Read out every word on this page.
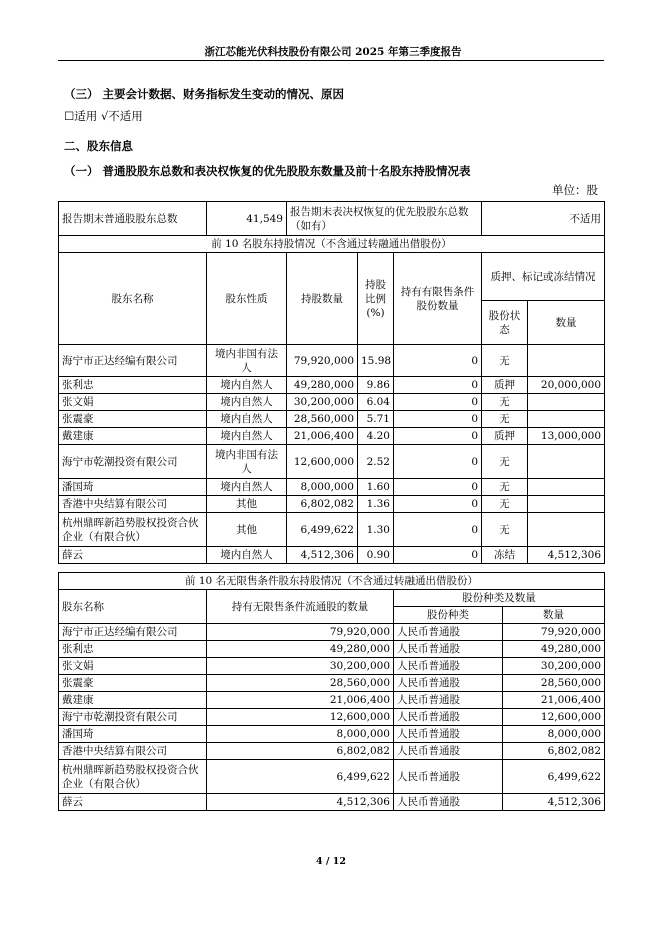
浙江芯能光伏科技股份有限公司 2025 年第三季度报告
（三） 主要会计数据、财务指标发生变动的情况、原因
☐适用 √不适用
二、股东信息
（一） 普通股股东总数和表决权恢复的优先股股东数量及前十名股东持股情况表
单位：股
报告期末普通股股东总数	41,549	报告期末表决权恢复的优先股股东总数（如有）			不适用	
前 10 名股东持股情况（不含通过转融通出借股份）						
股东名称	股东性质	持股数量	持股比例(%)	持有有限售条件股份数量	质押、标记或冻结情况	
					股份状态	数量
海宁市正达经编有限公司	境内非国有法人	79,920,000	15.98	0	无	
张利忠	境内自然人	49,280,000	9.86	0	质押	20,000,000
张文娟	境内自然人	30,200,000	6.04	0	无	
张震豪	境内自然人	28,560,000	5.71	0	无	
戴建康	境内自然人	21,006,400	4.20	0	质押	13,000,000
海宁市乾潮投资有限公司	境内非国有法人	12,600,000	2.52	0	无	
潘国琦	境内自然人	8,000,000	1.60	0	无	
香港中央结算有限公司	其他	6,802,082	1.36	0	无	
杭州鼎晖新趋势股权投资合伙企业（有限合伙）	其他	6,499,622	1.30	0	无	
薛云	境内自然人	4,512,306	0.90	0	冻结	4,512,306
前 10 名无限售条件股东持股情况（不含通过转融通出借股份）			
股东名称	持有无限售条件流通股的数量	股份种类及数量	
		股份种类	数量
海宁市正达经编有限公司	79,920,000	人民币普通股	79,920,000
张利忠	49,280,000	人民币普通股	49,280,000
张文娟	30,200,000	人民币普通股	30,200,000
张震豪	28,560,000	人民币普通股	28,560,000
戴建康	21,006,400	人民币普通股	21,006,400
海宁市乾潮投资有限公司	12,600,000	人民币普通股	12,600,000
潘国琦	8,000,000	人民币普通股	8,000,000
香港中央结算有限公司	6,802,082	人民币普通股	6,802,082
杭州鼎晖新趋势股权投资合伙企业（有限合伙）	6,499,622	人民币普通股	6,499,622
薛云	4,512,306	人民币普通股	4,512,306
4 / 12
